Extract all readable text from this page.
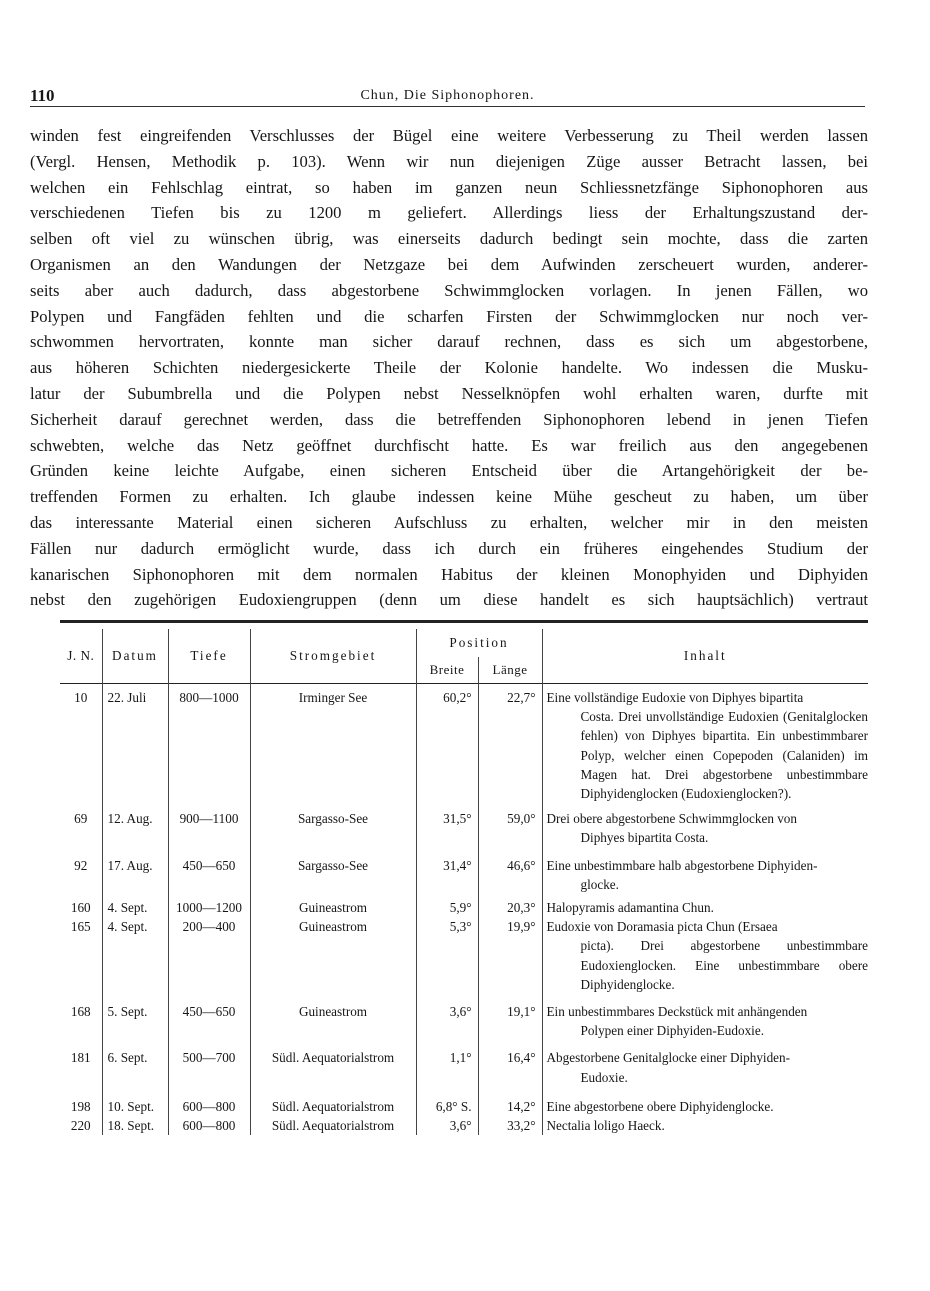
110	Chun, Die Siphonophoren.
winden fest eingreifenden Verschlusses der Bügel eine weitere Verbesserung zu Theil werden lassen
(Vergl. Hensen, Methodik p. 103). Wenn wir nun diejenigen Züge ausser Betracht lassen, bei
welchen ein Fehlschlag eintrat, so haben im ganzen neun Schliessnetzfänge Siphonophoren aus
verschiedenen Tiefen bis zu 1200 m geliefert. Allerdings liess der Erhaltungszustand der-
selben oft viel zu wünschen übrig, was einerseits dadurch bedingt sein mochte, dass die zarten
Organismen an den Wandungen der Netzgaze bei dem Aufwinden zerscheuert wurden, anderer-
seits aber auch dadurch, dass abgestorbene Schwimmglocken vorlagen. In jenen Fällen, wo
Polypen und Fangfäden fehlten und die scharfen Firsten der Schwimmglocken nur noch ver-
schwommen hervortraten, konnte man sicher darauf rechnen, dass es sich um abgestorbene,
aus höheren Schichten niedergesickerte Theile der Kolonie handelte. Wo indessen die Musku-
latur der Subumbrella und die Polypen nebst Nesselknöpfen wohl erhalten waren, durfte mit
Sicherheit darauf gerechnet werden, dass die betreffenden Siphonophoren lebend in jenen Tiefen
schwebten, welche das Netz geöffnet durchfischt hatte. Es war freilich aus den angegebenen
Gründen keine leichte Aufgabe, einen sicheren Entscheid über die Artangehörigkeit der be-
treffenden Formen zu erhalten. Ich glaube indessen keine Mühe gescheut zu haben, um über
das interessante Material einen sicheren Aufschluss zu erhalten, welcher mir in den meisten
Fällen nur dadurch ermöglicht wurde, dass ich durch ein früheres eingehendes Studium der
kanarischen Siphonophoren mit dem normalen Habitus der kleinen Monophyiden und Diphyiden
nebst den zugehörigen Eudoxiengruppen (denn um diese handelt es sich hauptsächlich) vertraut
J. N.	Datum	Tiefe	Stromgebiet	Position		Inhalt
				Breite	Länge	
10	22. Juli	800—1000	Irminger See	60,2°	22,7°	Eine vollständige Eudoxie von Diphyes bipartita
Costa. Drei unvollständige Eudoxien (Genitalglocken fehlen) von Diphyes bipartita. Ein unbestimmbarer Polyp, welcher einen Copepoden (Calaniden) im Magen hat. Drei abgestorbene unbestimmbare Diphyidenglocken (Eudoxienglocken?).

69	12. Aug.	900—1100	Sargasso-See	31,5°	59,0°	Drei obere abgestorbene Schwimmglocken von
Diphyes bipartita Costa.

92	17. Aug.	450—650	Sargasso-See	31,4°	46,6°	Eine unbestimmbare halb abgestorbene Diphyiden-
glocke.

160	4. Sept.	1000—1200	Guineastrom	5,9°	20,3°	Halopyramis adamantina Chun.
165	4. Sept.	200—400	Guineastrom	5,3°	19,9°	Eudoxie von Doramasia picta Chun (Ersaea
picta). Drei abgestorbene unbestimmbare Eudoxienglocken. Eine unbestimmbare obere Diphyidenglocke.

168	5. Sept.	450—650	Guineastrom	3,6°	19,1°	Ein unbestimmbares Deckstück mit anhängenden
Polypen einer Diphyiden-Eudoxie.

181	6. Sept.	500—700	Südl. Aequatorialstrom	1,1°	16,4°	Abgestorbene Genitalglocke einer Diphyiden-
Eudoxie.

198	10. Sept.	600—800	Südl. Aequatorialstrom	6,8° S.	14,2°	Eine abgestorbene obere Diphyidenglocke.
220	18. Sept.	600—800	Südl. Aequatorialstrom	3,6°	33,2°	Nectalia loligo Haeck.
